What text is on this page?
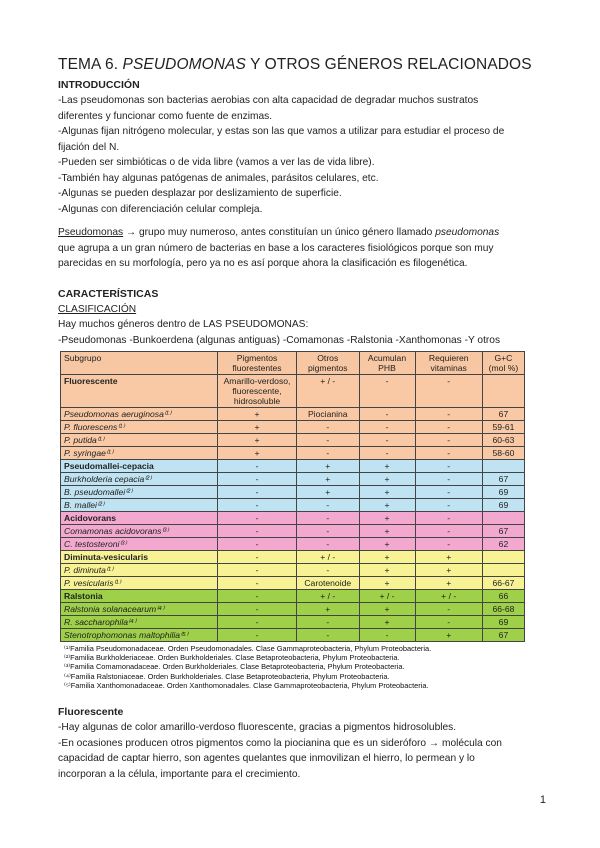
TEMA 6. PSEUDOMONAS Y OTROS GÉNEROS RELACIONADOS
INTRODUCCIÓN
-Las pseudomonas son bacterias aerobias con alta capacidad de degradar muchos sustratos
diferentes y funcionar como fuente de enzimas.
-Algunas fijan nitrógeno molecular, y estas son las que vamos a utilizar para estudiar el proceso de
fijación del N.
-Pueden ser simbióticas o de vida libre (vamos a ver las de vida libre).
-También hay algunas patógenas de animales, parásitos celulares, etc.
-Algunas se pueden desplazar por deslizamiento de superficie.
-Algunas con diferenciación celular compleja.
Pseudomonas → grupo muy numeroso, antes constituían un único género llamado pseudomonas
que agrupa a un gran número de bacterias en base a los caracteres fisiológicos porque son muy
parecidas en su morfología, pero ya no es así porque ahora la clasificación es filogenética.
CARACTERÍSTICAS
CLASIFICACIÓN
Hay muchos géneros dentro de LAS PSEUDOMONAS:
-Pseudomonas -Bunkoerdena (algunas antiguas) -Comamonas -Ralstonia -Xanthomonas -Y otros
Subgrupo	Pigmentos fluorestentes	Otros pigmentos	Acumulan PHB	Requieren vitaminas	G+C (mol %)
Fluorescente	Amarillo-verdoso, fluorescente, hidrosoluble	+ / -	-	-	
Pseudomonas aeruginosa⁽¹⁾	+	Piocianina	-	-	67
P. fluorescens⁽¹⁾	+	-	-	-	59-61
P. putida⁽¹⁾	+	-	-	-	60-63
P. syringae⁽¹⁾	+	-	-	-	58-60
Pseudomallei-cepacia	-	+	+	-	
Burkholderia cepacia⁽²⁾	-	+	+	-	67
B. pseudomallei⁽²⁾	-	+	+	-	69
B. mallei⁽²⁾	-	-	+	-	69
Acidovorans	-	-	+	-	
Comamonas acidovorans⁽³⁾	-	-	+	-	67
C. testosteroni⁽³⁾	-	-	+	-	62
Diminuta-vesicularis	-	+ / -	+	+	
P. diminuta⁽¹⁾	-	-	+	+	
P. vesicularis⁽¹⁾	-	Carotenoide	+	+	66-67
Ralstonia	-	+ / -	+ / -	+ / -	66
Ralstonia solanacearum⁽⁴⁾	-	+	+	-	66-68
R. saccharophila⁽⁴⁾	-	-	+	-	69
Stenotrophomonas maltophilia⁽⁵⁾	-	-	-	+	67
⁽¹⁾Familia Pseudomonadaceae. Orden Pseudomonadales. Clase Gammaproteobacteria, Phylum Proteobacteria.
⁽²⁾Familia Burkholderiaceae. Orden Burkholderiales. Clase Betaproteobacteria, Phylum Proteobacteria.
⁽³⁾Familia Comamonadaceae. Orden Burkholderiales. Clase Betaproteobacteria, Phylum Proteobacteria.
⁽⁴⁾Familia Ralstoniaceae. Orden Burkholderiales. Clase Betaproteobacteria, Phylum Proteobacteria.
⁽⁵⁾Familia Xanthomonadaceae. Orden Xanthomonadales. Clase Gammaproteobacteria, Phylum Proteobacteria.
Fluorescente
-Hay algunas de color amarillo-verdoso fluorescente, gracias a pigmentos hidrosolubles.
-En ocasiones producen otros pigmentos como la piocianina que es un sideróforo → molécula con
capacidad de captar hierro, son agentes quelantes que inmovilizan el hierro, lo permean y lo
incorporan a la célula, importante para el crecimiento.
1
